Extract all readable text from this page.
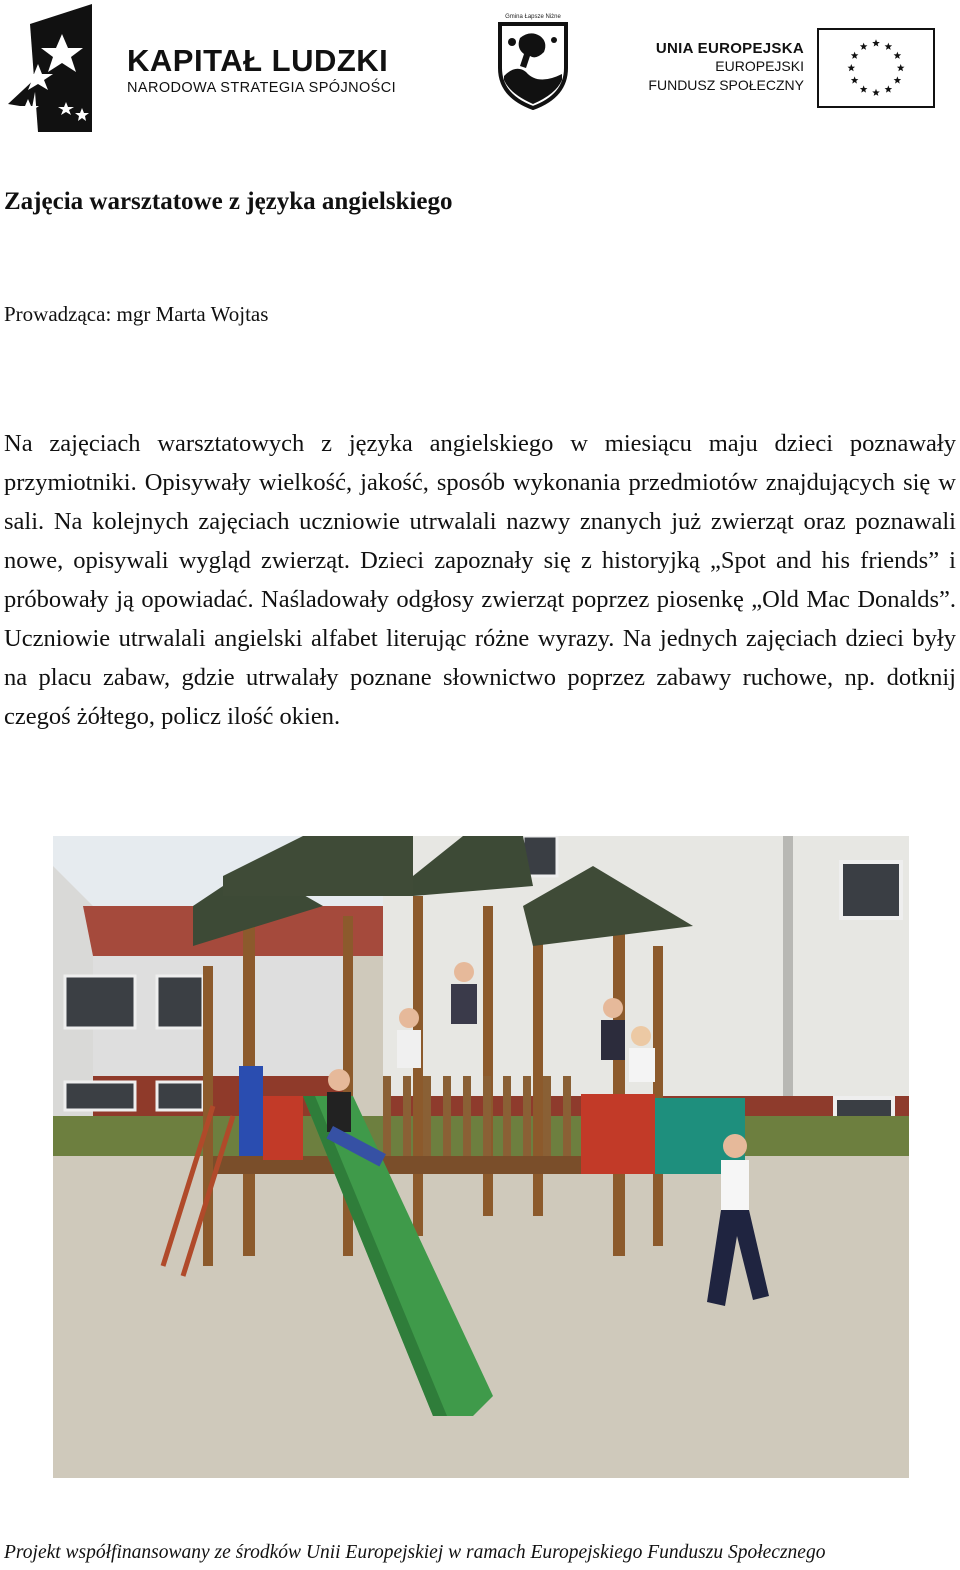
KAPITAŁ LUDZKI
NARODOWA STRATEGIA SPÓJNOŚCI
Gmina Łapsze Niżne
UNIA EUROPEJSKA
EUROPEJSKI
FUNDUSZ SPOŁECZNY
Zajęcia warsztatowe z języka angielskiego
Prowadząca: mgr Marta Wojtas
Na zajęciach warsztatowych z języka angielskiego w miesiącu maju dzieci poznawały przymiotniki. Opisywały wielkość, jakość, sposób wykonania przedmiotów znajdujących się w sali. Na kolejnych zajęciach uczniowie utrwalali nazwy znanych już zwierząt oraz poznawali nowe, opisywali wygląd zwierząt. Dzieci zapoznały się z historyjką „Spot and his friends” i próbowały ją opowiadać. Naśladowały odgłosy zwierząt poprzez piosenkę „Old Mac Donalds”. Uczniowie utrwalali angielski alfabet literując różne wyrazy. Na jednych zajęciach dzieci były na placu zabaw, gdzie utrwalały poznane słownictwo poprzez zabawy ruchowe, np. dotknij czegoś żółtego, policz ilość okien.
Projekt współfinansowany ze środków Unii Europejskiej w ramach Europejskiego Funduszu Społecznego
